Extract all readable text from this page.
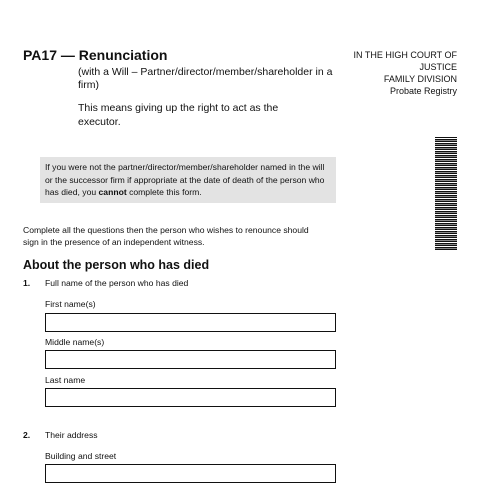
PA17 — Renunciation
(with a Will – Partner/director/member/shareholder in a firm)
This means giving up the right to act as the executor.
IN THE HIGH COURT OF
JUSTICE
FAMILY DIVISION
Probate Registry
If you were not the partner/director/member/shareholder named in the will or the successor firm if appropriate at the date of death of the person who has died, you cannot complete this form.
Complete all the questions then the person who wishes to renounce should sign in the presence of an independent witness.
About the person who has died
1. Full name of the person who has died
First name(s)
Middle name(s)
Last name
2. Their address
Building and street
